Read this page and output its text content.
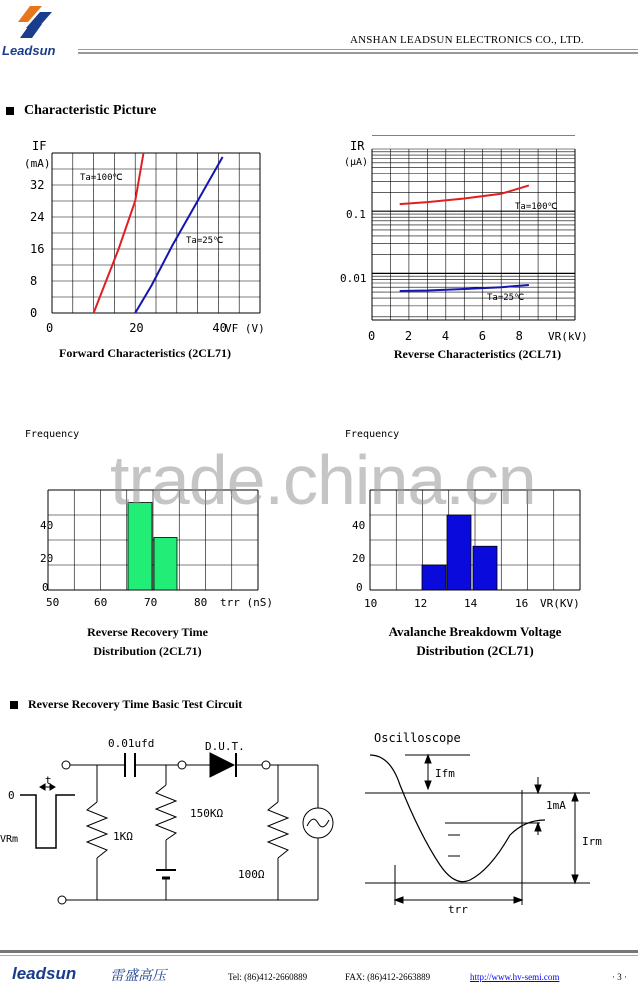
Leadsun
ANSHAN LEADSUN ELECTRONICS CO., LTD.
Characteristic Picture
IF
(mA)
0
8
16
24
32
0	20	40
VF (V)
Ta=100℃
Ta=25℃
Forward Characteristics (2CL71)
IR
(μA)
0.1
0.01
0 2 4 6 8 VR(kV)
Ta=100℃
Ta=25℃
Reverse Characteristics (2CL71)
Frequency
40
20
0
50	60	70	80 trr (nS)
Reverse Recovery Time
Distribution (2CL71)
Frequency
40
20
0
10	12	14	16 VR(KV)
Avalanche Breakdowm Voltage
Distribution (2CL71)
trade.china.cn
Reverse Recovery Time Basic Test Circuit
0.01ufd	D.U.T.
1KΩ
150KΩ
100Ω
t
0
VRm
Oscilloscope
Ifm
1mA
Irm
trr
leadsun 雷盛高压	Tel: (86)412-2660889	FAX: (86)412-2663889	http://www.hv-semi.com	· 3 ·
